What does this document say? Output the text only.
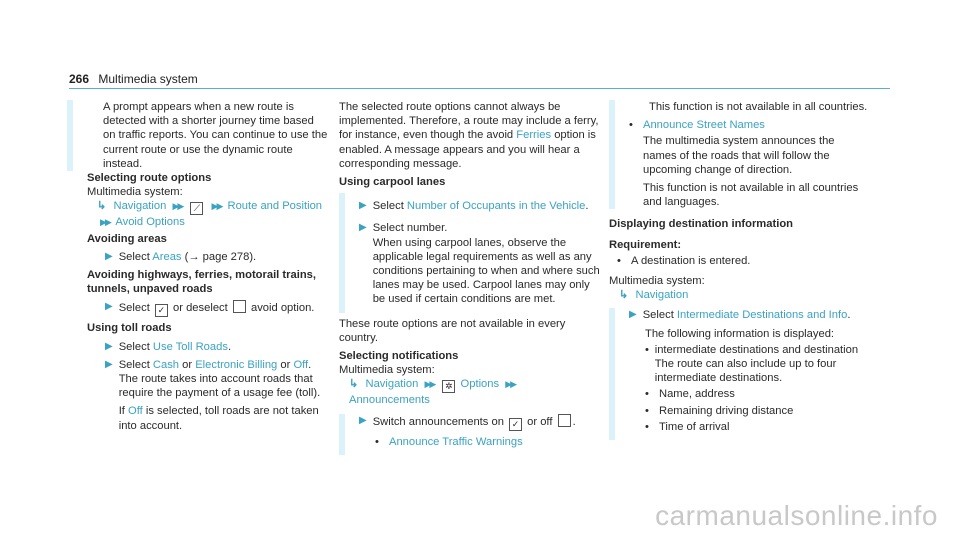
266 Multimedia system

A prompt appears when a new route is detected with a shorter journey time based on traffic reports. You can continue to use the current route or use the dynamic route instead.

Selecting route options

Multimedia system:

↳ Navigation ▶▶ ⟋ ▶▶ Route and Position ▶▶ Avoid Options

Avoiding areas

▶ Select Areas (→ page 278).

Avoiding highways, ferries, motorail trains, tunnels, unpaved roads

▶ Select ✓ or deselect avoid option.

Using toll roads

▶ Select Use Toll Roads.
▶ Select Cash or Electronic Billing or Off.
The route takes into account roads that require the payment of a usage fee (toll).
If Off is selected, toll roads are not taken into account.

The selected route options cannot always be implemented. Therefore, a route may include a ferry, for instance, even though the avoid Ferries option is enabled. A message appears and you will hear a corresponding message.

Using carpool lanes

▶ Select Number of Occupants in the Vehicle.
▶ Select number.
When using carpool lanes, observe the applicable legal requirements as well as any conditions pertaining to when and where such lanes may be used. Carpool lanes may only be used if certain conditions are met.

These route options are not available in every country.

Selecting notifications

Multimedia system:

↳ Navigation ▶▶ ✲ Options ▶▶ Announcements

▶ Switch announcements on ✓ or off .
• Announce Traffic Warnings

This function is not available in all countries.

• Announce Street Names

The multimedia system announces the names of the roads that will follow the upcoming change of direction.

This function is not available in all countries and languages.

Displaying destination information

Requirement:

• A destination is entered.

Multimedia system:

↳ Navigation

▶ Select Intermediate Destinations and Info.

The following information is displayed:

• intermediate destinations and destination
The route can also include up to four intermediate destinations.
• Name, address
• Remaining driving distance
• Time of arrival
carmanualsonline.info
